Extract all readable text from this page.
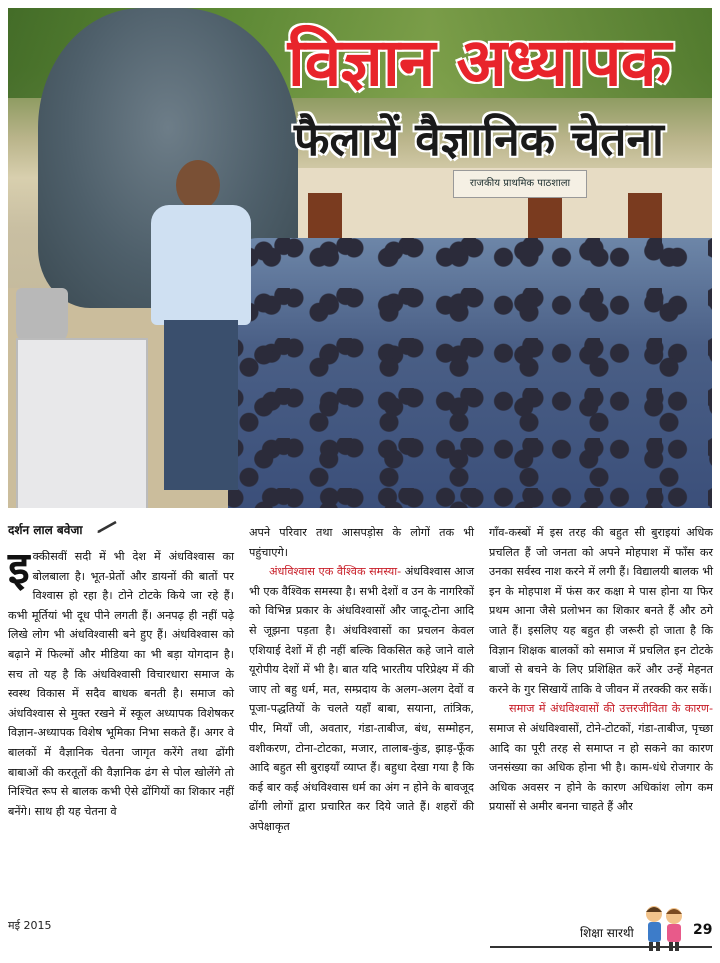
राजकीय प्राथमिक पाठशाला
विज्ञान अध्यापक
फैलायें वैज्ञानिक चेतना
दर्शन लाल बवेजा
इ क्कीसवीं सदी में भी देश में अंधविश्वास का बोलबाला है। भूत-प्रेतों और डायनों की बातों पर विश्वास हो रहा है। टोने टोटके किये जा रहे हैं। कभी मूर्तियां भी दूध पीने लगती हैं। अनपढ़ ही नहीं पढ़े लिखे लोग भी अंधविश्वासी बने हुए हैं। अंधविश्वास को बढ़ाने में फिल्मों और मीडिया का भी बड़ा योगदान है। सच तो यह है कि अंधविश्वासी विचारधारा समाज के स्वस्थ विकास में सदैव बाधक बनती है। समाज को अंधविश्वास से मुक्त रखने में स्कूल अध्यापक विशेषकर विज्ञान-अध्यापक विशेष भूमिका निभा सकते हैं। अगर वे बालकों में वैज्ञानिक चेतना जागृत करेंगे तथा ढोंगी बाबाओं की करतूतों की वैज्ञानिक ढंग से पोल खोलेंगे तो निश्चित रूप से बालक कभी ऐसे ढोंगियों का शिकार नहीं बनेंगे। साथ ही यह चेतना वे

अपने परिवार तथा आसपड़ोस के लोगों तक भी पहुंचाएगे।

अंधविश्वास एक वैश्विक समस्या- अंधविश्वास आज भी एक वैश्विक समस्या है। सभी देशों व उन के नागरिकों को विभिन्न प्रकार के अंधविश्वासों और जादू-टोना आदि से जूझना पड़ता है। अंधविश्वासों का प्रचलन केवल एशियाई देशों में ही नहीं बल्कि विकसित कहे जाने वाले यूरोपीय देशों में भी है। बात यदि भारतीय परिप्रेक्ष्य में की जाए तो बहु धर्म, मत, सम्प्रदाय के अलग-अलग देवों व पूजा-पद्धतियों के चलते यहाँ बाबा, सयाना, तांत्रिक, पीर, मियाँ जी, अवतार, गंडा-ताबीज, बंध, सम्मोहन, वशीकरण, टोना-टोटका, मजार, तालाब-कुंड, झाड़-फूँक आदि बहुत सी बुराइयाँ व्याप्त हैं। बहुधा देखा गया है कि कई बार कई अंधविश्वास धर्म का अंग न होने के बावजूद ढोंगी लोगों द्वारा प्रचारित कर दिये जाते हैं। शहरों की अपेक्षाकृत

गाँव-कस्बों में इस तरह की बहुत सी बुराइयां अधिक प्रचलित हैं जो जनता को अपने मोहपाश में फाँस कर उनका सर्वस्व नाश करने में लगी हैं। विद्यालयी बालक भी इन के मोहपाश में फंस कर कक्षा मे पास होना या फिर प्रथम आना जैसे प्रलोभन का शिकार बनते हैं और ठगे जाते हैं। इसलिए यह बहुत ही जरूरी हो जाता है कि विज्ञान शिक्षक बालकों को समाज में प्रचलित इन टोटके बाजों से बचने के लिए प्रशिक्षित करें और उन्हें मेहनत करने के गुर सिखायें ताकि वे जीवन में तरक्की कर सकें।

समाज में अंधविश्वासों की उत्तरजीविता के कारण- समाज से अंधविश्वासों, टोने-टोटकों, गंडा-ताबीज, पृच्छा आदि का पूरी तरह से समाप्त न हो सकने का कारण जनसंख्या का अधिक होना भी है। काम-धंधे रोजगार के अधिक अवसर न होने के कारण अधिकांश लोग कम प्रयासों से अमीर बनना चाहते हैं और

मई 2015
शिक्षा सारथी	29
